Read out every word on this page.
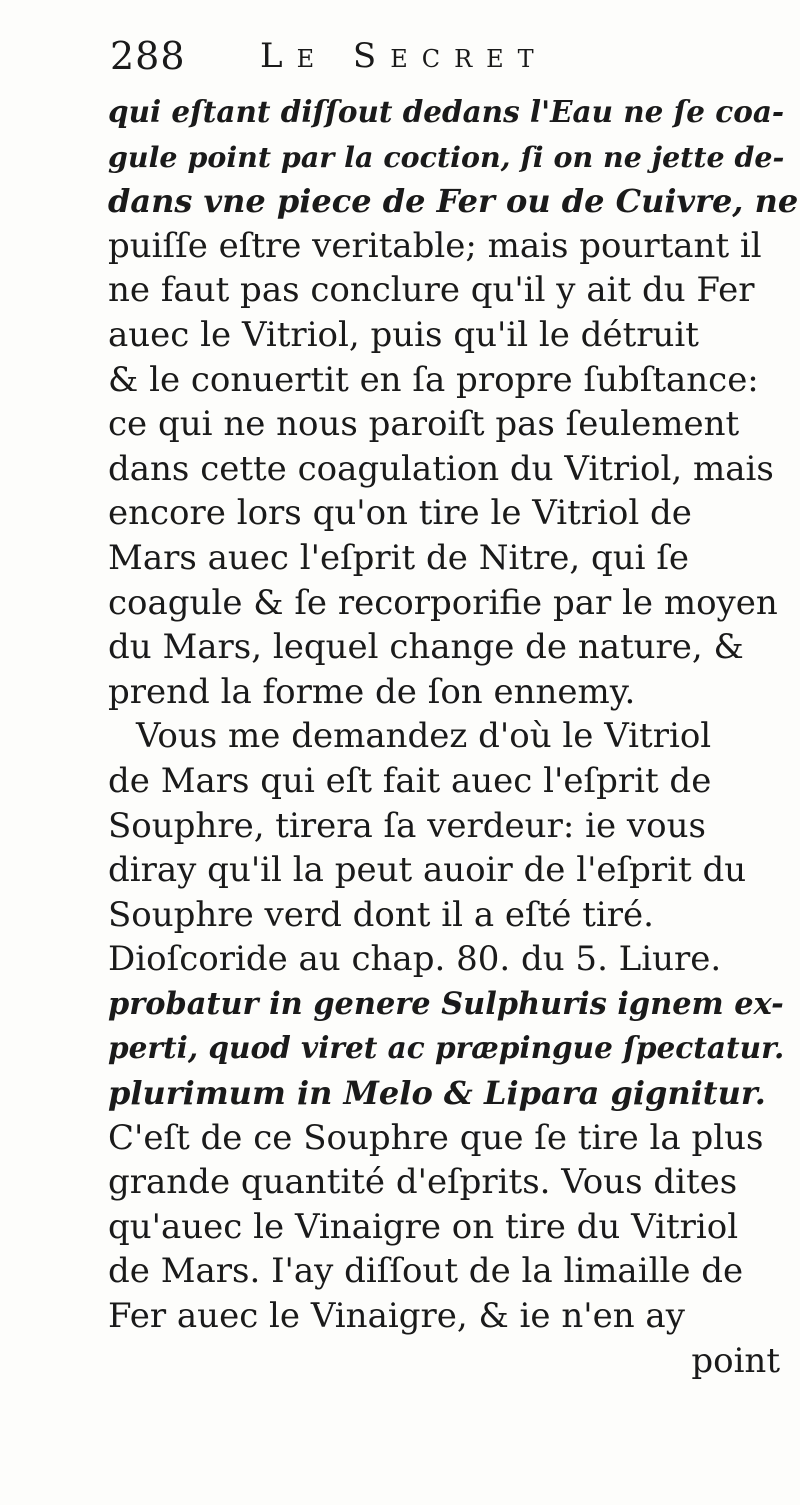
288 Le Secret
qui eſtant diſſout dedans l'Eau ne ſe coa-
gule point par la coction, ſi on ne jette de-
dans vne piece de Fer ou de Cuivre, ne
puiſſe eſtre veritable; mais pourtant il
ne faut pas conclure qu'il y ait du Fer
auec le Vitriol, puis qu'il le détruit
& le conuertit en ſa propre ſubſtance:
ce qui ne nous paroiſt pas ſeulement
dans cette coagulation du Vitriol, mais
encore lors qu'on tire le Vitriol de
Mars auec l'eſprit de Nitre, qui ſe
coagule & ſe recorporifie par le moyen
du Mars, lequel change de nature, &
prend la forme de ſon ennemy.
Vous me demandez d'où le Vitriol
de Mars qui eſt fait auec l'eſprit de
Souphre, tirera ſa verdeur: ie vous
diray qu'il la peut auoir de l'eſprit du
Souphre verd dont il a eſté tiré.
Dioſcoride au chap. 80. du 5. Liure.
probatur in genere Sulphuris ignem ex-
perti, quod viret ac præpingue ſpectatur.
plurimum in Melo & Lipara gignitur.
C'eſt de ce Souphre que ſe tire la plus
grande quantité d'eſprits. Vous dites
qu'auec le Vinaigre on tire du Vitriol
de Mars. I'ay diſſout de la limaille de
Fer auec le Vinaigre, & ie n'en ay
point
